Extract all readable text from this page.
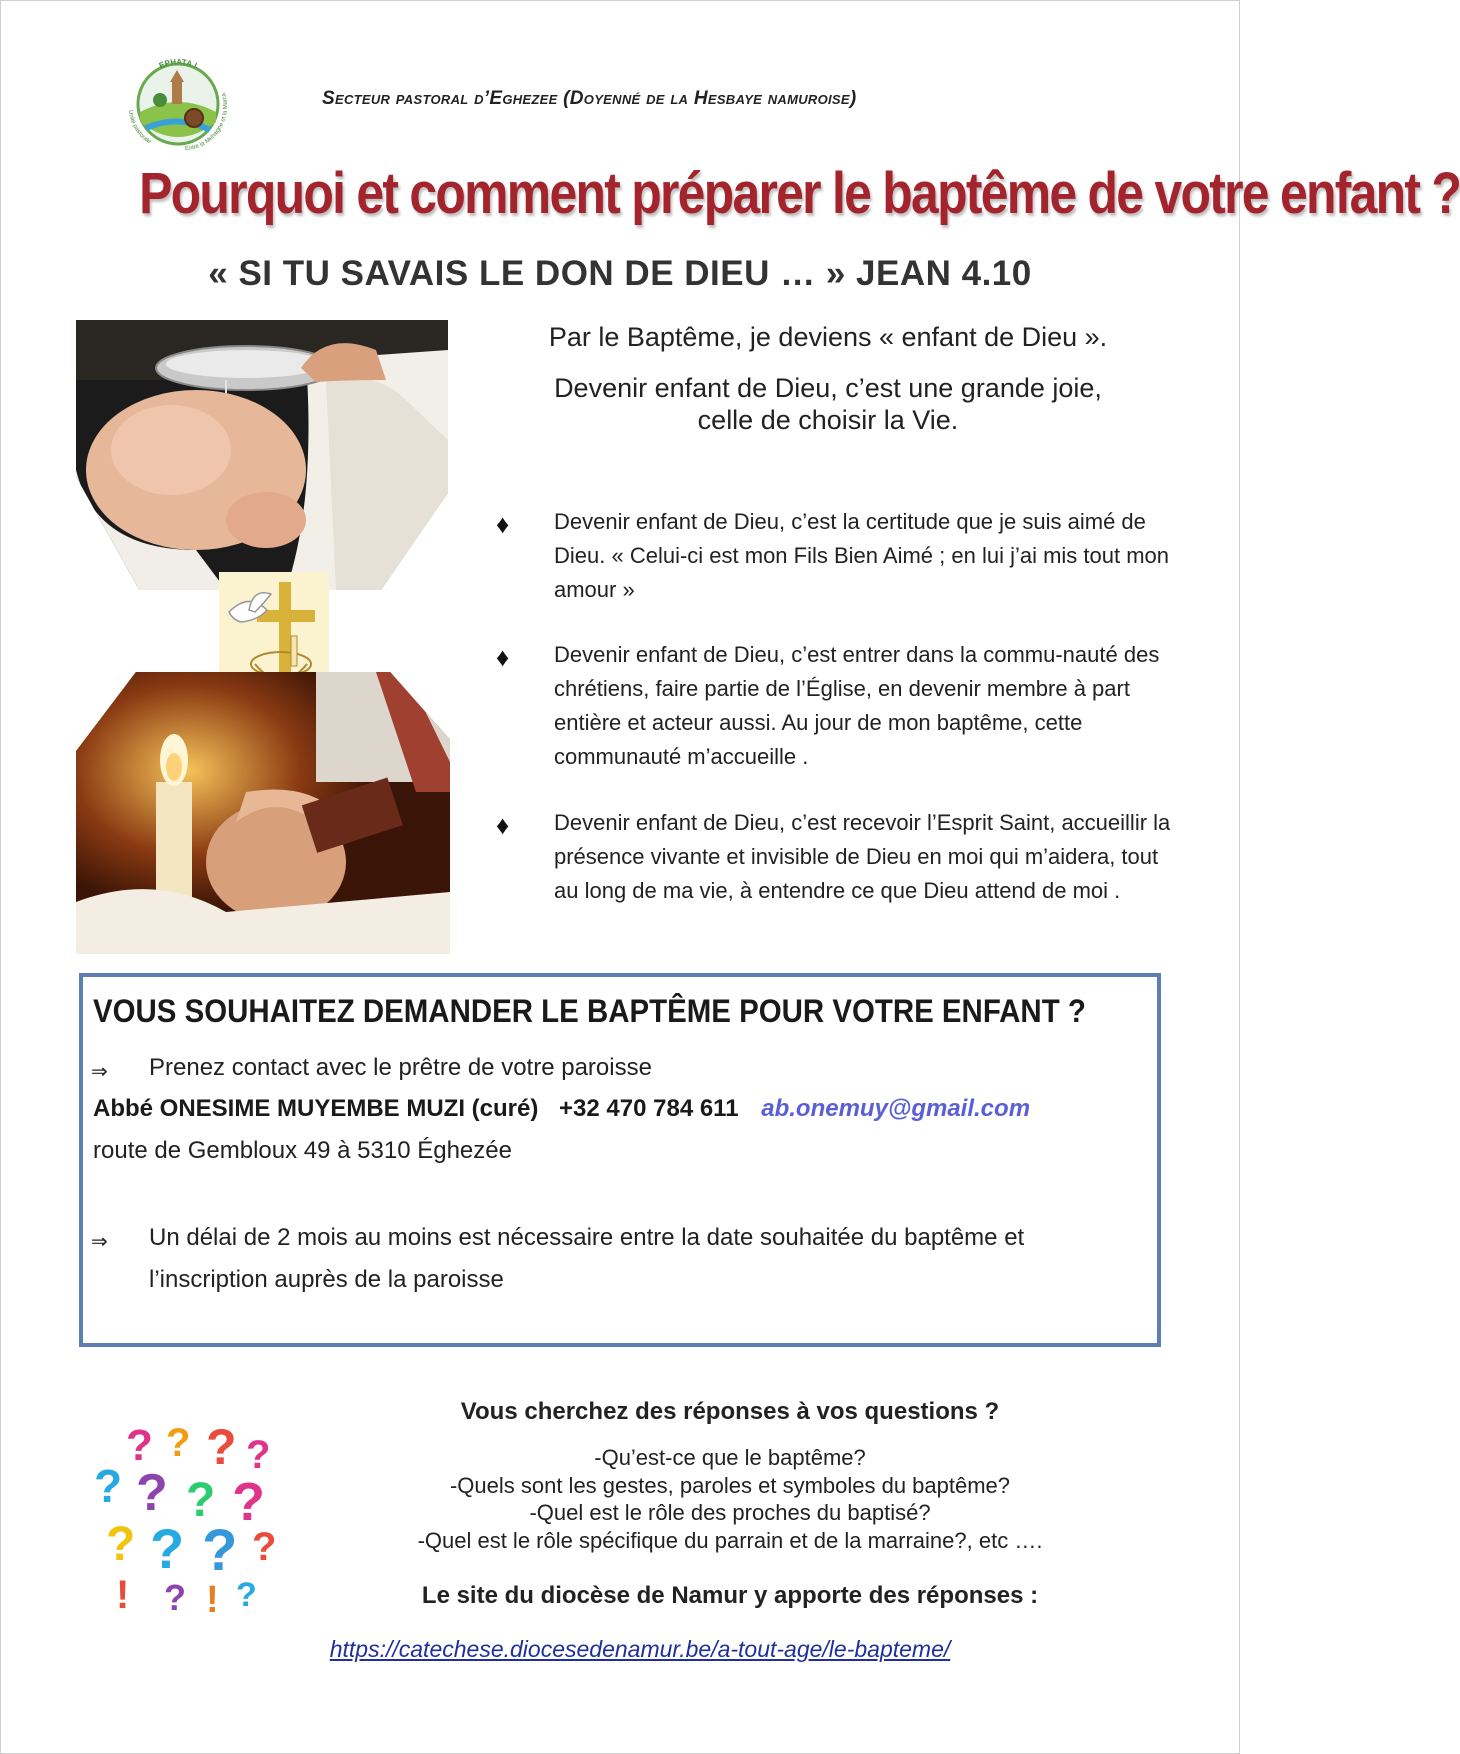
EPHATA !
Unité pastorale
Entre la Mehaigne et la Marca	Secteur pastoral d’Eghezee (Doyenné de la Hesbaye namuroise)
Pourquoi et comment préparer le baptême de votre enfant ?
« SI TU SAVAIS LE DON DE DIEU … » JEAN 4.10
Par le Baptême, je deviens « enfant de Dieu ».
Devenir enfant de Dieu, c’est une grande joie,
celle de choisir la Vie.
♦ Devenir enfant de Dieu, c’est la certitude que je suis aimé de Dieu. « Celui-ci est mon Fils Bien Aimé ; en lui j’ai mis tout mon amour »
♦ Devenir enfant de Dieu, c’est entrer dans la commu-nauté des chrétiens, faire partie de l’Église, en devenir membre à part entière et acteur aussi. Au jour de mon baptême, cette communauté m’accueille .
♦ Devenir enfant de Dieu, c’est recevoir l’Esprit Saint, accueillir la présence vivante et invisible de Dieu en moi qui m’aidera, tout au long de ma vie, à entendre ce que Dieu attend de moi .
VOUS SOUHAITEZ DEMANDER LE BAPTÊME POUR VOTRE ENFANT ?
⇒ Prenez contact avec le prêtre de votre paroisse
Abbé ONESIME MUYEMBE MUZI (curé) +32 470 784 611 ab.onemuy@gmail.com
route de Gembloux 49 à 5310 Éghezée
⇒ Un délai de 2 mois au moins est nécessaire entre la date souhaitée du baptême et l’inscription auprès de la paroisse
? ? ? ?
? ? ? ?
? ? ? ?
! ? ! ?
Vous cherchez des réponses à vos questions ?
-Qu’est-ce que le baptême?
-Quels sont les gestes, paroles et symboles du baptême?
-Quel est le rôle des proches du baptisé?
-Quel est le rôle spécifique du parrain et de la marraine?, etc ….
Le site du diocèse de Namur y apporte des réponses :
https://catechese.diocesedenamur.be/a-tout-age/le-bapteme/
